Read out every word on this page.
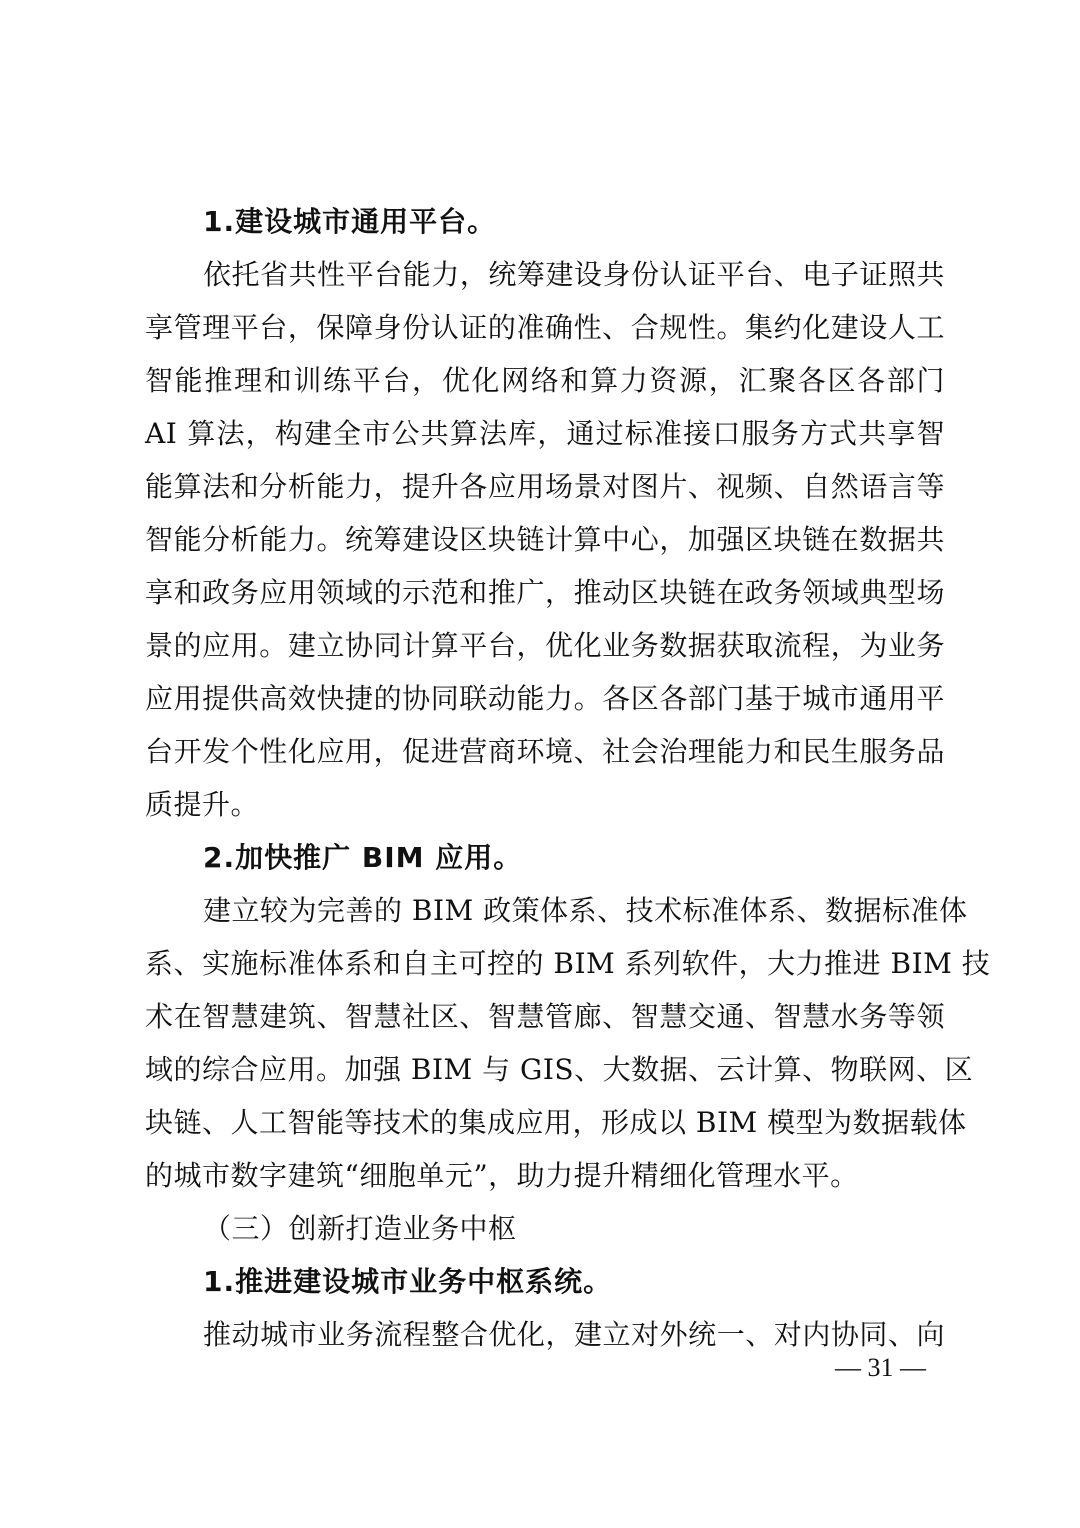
1.建设城市通用平台。
依托省共性平台能力，统筹建设身份认证平台、电子证照共
享管理平台，保障身份认证的准确性、合规性。集约化建设人工
智能推理和训练平台，优化网络和算力资源，汇聚各区各部门
AI 算法，构建全市公共算法库，通过标准接口服务方式共享智
能算法和分析能力，提升各应用场景对图片、视频、自然语言等
智能分析能力。统筹建设区块链计算中心，加强区块链在数据共
享和政务应用领域的示范和推广，推动区块链在政务领域典型场
景的应用。建立协同计算平台，优化业务数据获取流程，为业务
应用提供高效快捷的协同联动能力。各区各部门基于城市通用平
台开发个性化应用，促进营商环境、社会治理能力和民生服务品
质提升。
2.加快推广 BIM 应用。
建立较为完善的 BIM 政策体系、技术标准体系、数据标准体
系、实施标准体系和自主可控的 BIM 系列软件，大力推进 BIM 技
术在智慧建筑、智慧社区、智慧管廊、智慧交通、智慧水务等领
域的综合应用。加强 BIM 与 GIS、大数据、云计算、物联网、区
块链、人工智能等技术的集成应用，形成以 BIM 模型为数据载体
的城市数字建筑“细胞单元”，助力提升精细化管理水平。
（三）创新打造业务中枢
1.推进建设城市业务中枢系统。
推动城市业务流程整合优化，建立对外统一、对内协同、向
— 31 —
